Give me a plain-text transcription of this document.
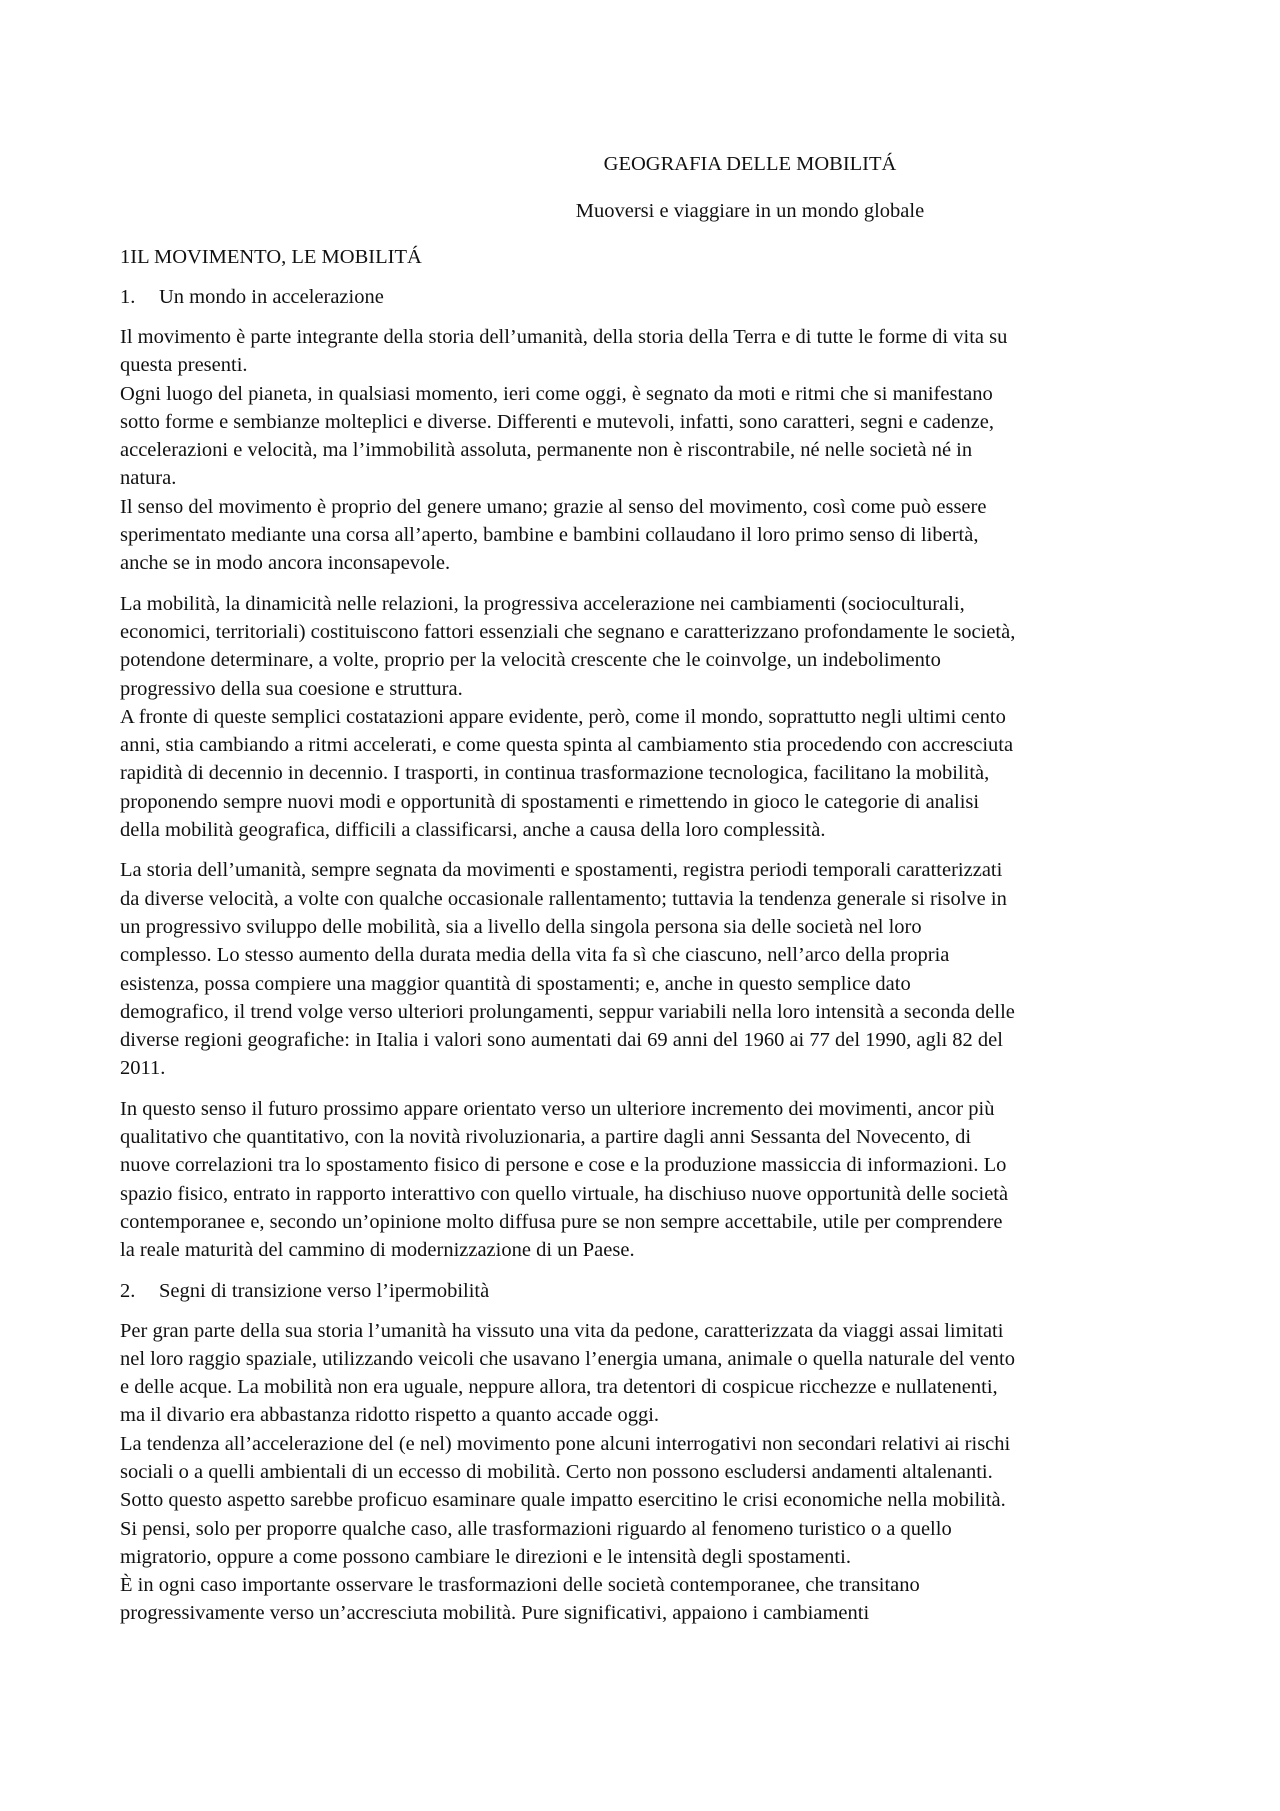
GEOGRAFIA DELLE MOBILITÁ
Muoversi e viaggiare in un mondo globale
1IL MOVIMENTO, LE MOBILITÁ
1.	Un mondo in accelerazione

Il movimento è parte integrante della storia dell’umanità, della storia della Terra e di tutte le forme di vita su
questa presenti.
Ogni luogo del pianeta, in qualsiasi momento, ieri come oggi, è segnato da moti e ritmi che si manifestano
sotto forme e sembianze molteplici e diverse. Differenti e mutevoli, infatti, sono caratteri, segni e cadenze,
accelerazioni e velocità, ma l’immobilità assoluta, permanente non è riscontrabile, né nelle società né in
natura.
Il senso del movimento è proprio del genere umano; grazie al senso del movimento, così come può essere
sperimentato mediante una corsa all’aperto, bambine e bambini collaudano il loro primo senso di libertà,
anche se in modo ancora inconsapevole.

La mobilità, la dinamicità nelle relazioni, la progressiva accelerazione nei cambiamenti (socioculturali,
economici, territoriali) costituiscono fattori essenziali che segnano e caratterizzano profondamente le società,
potendone determinare, a volte, proprio per la velocità crescente che le coinvolge, un indebolimento
progressivo della sua coesione e struttura.
A fronte di queste semplici costatazioni appare evidente, però, come il mondo, soprattutto negli ultimi cento
anni, stia cambiando a ritmi accelerati, e come questa spinta al cambiamento stia procedendo con accresciuta
rapidità di decennio in decennio. I trasporti, in continua trasformazione tecnologica, facilitano la mobilità,
proponendo sempre nuovi modi e opportunità di spostamenti e rimettendo in gioco le categorie di analisi
della mobilità geografica, difficili a classificarsi, anche a causa della loro complessità.

La storia dell’umanità, sempre segnata da movimenti e spostamenti, registra periodi temporali caratterizzati
da diverse velocità, a volte con qualche occasionale rallentamento; tuttavia la tendenza generale si risolve in
un progressivo sviluppo delle mobilità, sia a livello della singola persona sia delle società nel loro
complesso. Lo stesso aumento della durata media della vita fa sì che ciascuno, nell’arco della propria
esistenza, possa compiere una maggior quantità di spostamenti; e, anche in questo semplice dato
demografico, il trend volge verso ulteriori prolungamenti, seppur variabili nella loro intensità a seconda delle
diverse regioni geografiche: in Italia i valori sono aumentati dai 69 anni del 1960 ai 77 del 1990, agli 82 del
2011.

In questo senso il futuro prossimo appare orientato verso un ulteriore incremento dei movimenti, ancor più
qualitativo che quantitativo, con la novità rivoluzionaria, a partire dagli anni Sessanta del Novecento, di
nuove correlazioni tra lo spostamento fisico di persone e cose e la produzione massiccia di informazioni. Lo
spazio fisico, entrato in rapporto interattivo con quello virtuale, ha dischiuso nuove opportunità delle società
contemporanee e, secondo un’opinione molto diffusa pure se non sempre accettabile, utile per comprendere
la reale maturità del cammino di modernizzazione di un Paese.

2.	Segni di transizione verso l’ipermobilità

Per gran parte della sua storia l’umanità ha vissuto una vita da pedone, caratterizzata da viaggi assai limitati
nel loro raggio spaziale, utilizzando veicoli che usavano l’energia umana, animale o quella naturale del vento
e delle acque. La mobilità non era uguale, neppure allora, tra detentori di cospicue ricchezze e nullatenenti,
ma il divario era abbastanza ridotto rispetto a quanto accade oggi.
La tendenza all’accelerazione del (e nel) movimento pone alcuni interrogativi non secondari relativi ai rischi
sociali o a quelli ambientali di un eccesso di mobilità. Certo non possono escludersi andamenti altalenanti.
Sotto questo aspetto sarebbe proficuo esaminare quale impatto esercitino le crisi economiche nella mobilità.
Si pensi, solo per proporre qualche caso, alle trasformazioni riguardo al fenomeno turistico o a quello
migratorio, oppure a come possono cambiare le direzioni e le intensità degli spostamenti.
È in ogni caso importante osservare le trasformazioni delle società contemporanee, che transitano
progressivamente verso un’accresciuta mobilità. Pure significativi, appaiono i cambiamenti
